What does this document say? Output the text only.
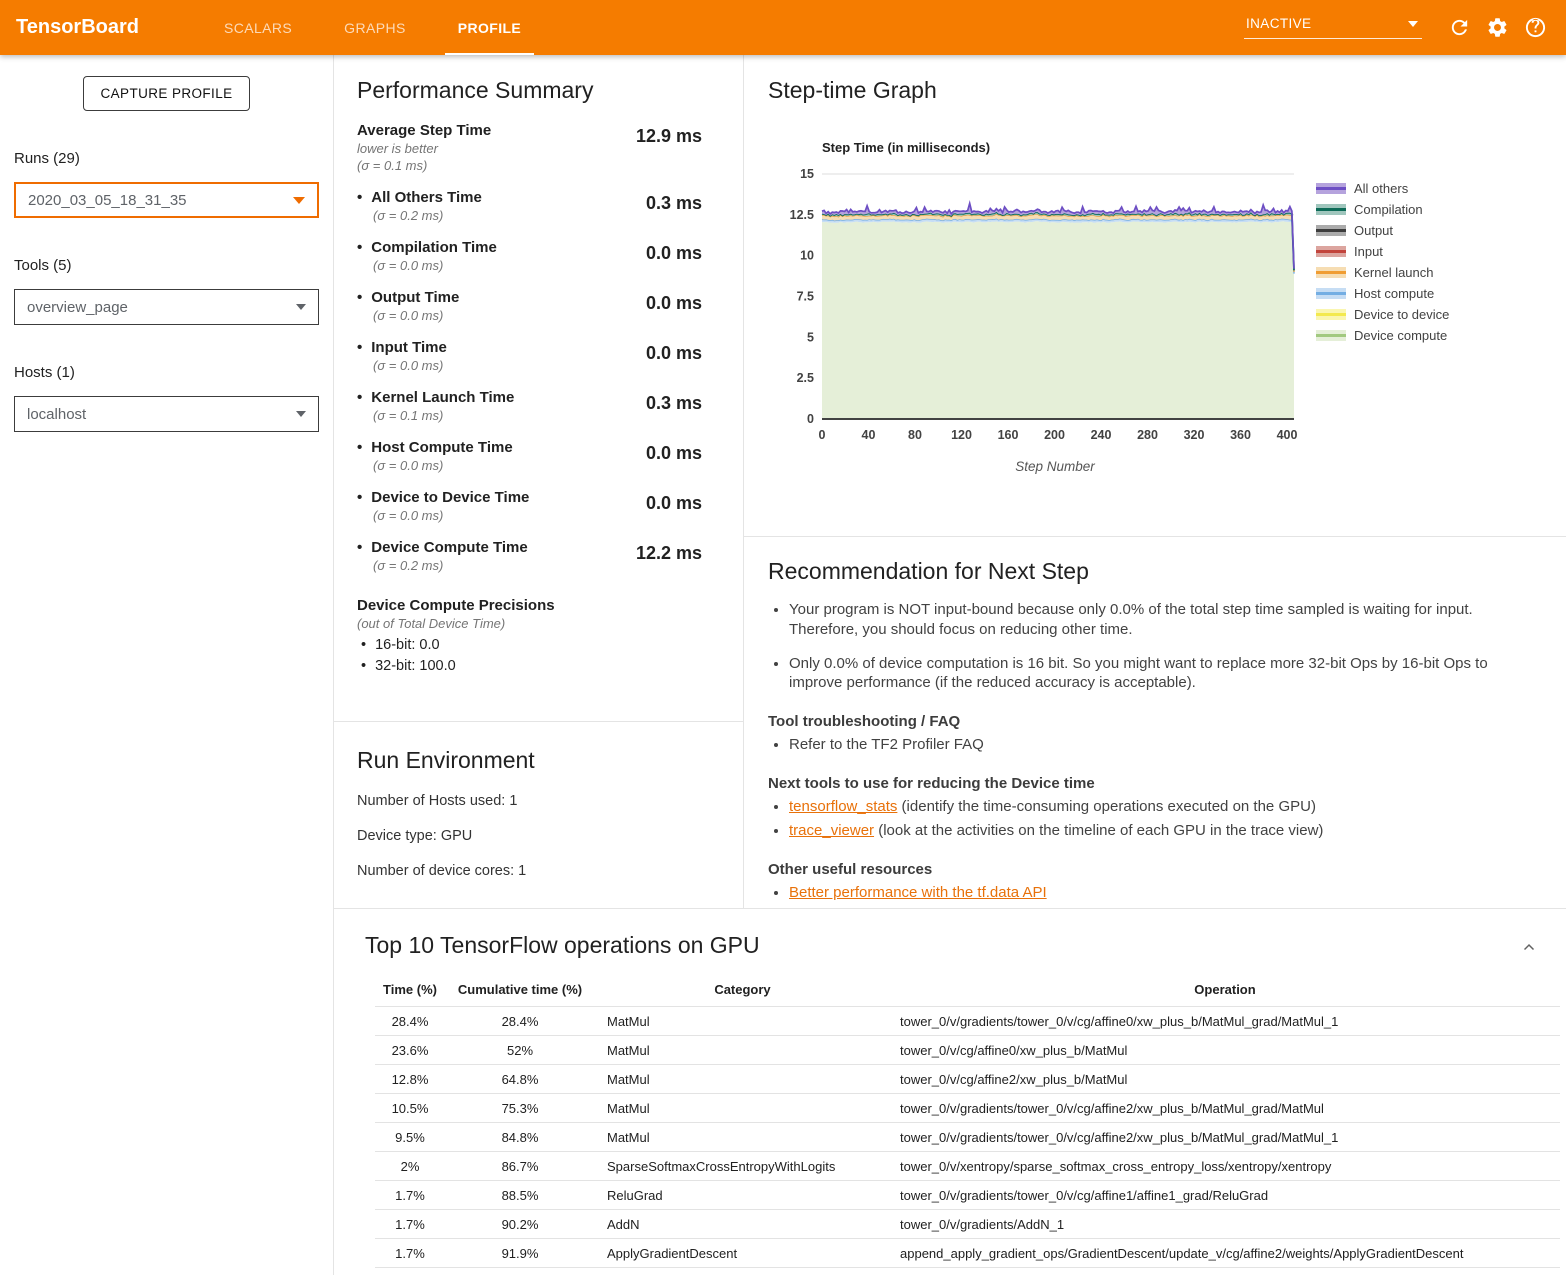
TensorBoard	SCALARS	GRAPHS	PROFILE	INACTIVE
CAPTURE PROFILE
Runs (29)
2020_03_05_18_31_35
Tools (5)
overview_page
Hosts (1)
localhost
Performance Summary
Average Step Time
lower is better
(σ = 0.1 ms)
12.9 ms
• All Others Time
(σ = 0.2 ms)
0.3 ms
• Compilation Time
(σ = 0.0 ms)
0.0 ms
• Output Time
(σ = 0.0 ms)
0.0 ms
• Input Time
(σ = 0.0 ms)
0.0 ms
• Kernel Launch Time
(σ = 0.1 ms)
0.3 ms
• Host Compute Time
(σ = 0.0 ms)
0.0 ms
• Device to Device Time
(σ = 0.0 ms)
0.0 ms
• Device Compute Time
(σ = 0.2 ms)
12.2 ms
Device Compute Precisions
(out of Total Device Time)
• 16-bit: 0.0
• 32-bit: 100.0
Run Environment
Number of Hosts used: 1
Device type: GPU
Number of device cores: 1
Step-time Graph
0
2.5
5
7.5
10
12.5
15
0	40	80 120 160 200 240 280 320 360 400
Step Time (in milliseconds)
Step Number
All others
Compilation
Output
Input
Kernel launch
Host compute
Device to device
Device compute
Recommendation for Next Step
• Your program is NOT input-bound because only 0.0% of the total step time sampled is waiting for input. Therefore, you should focus on reducing other time.
• Only 0.0% of device computation is 16 bit. So you might want to replace more 32-bit Ops by 16-bit Ops to improve performance (if the reduced accuracy is acceptable).
Tool troubleshooting / FAQ
• Refer to the TF2 Profiler FAQ
Next tools to use for reducing the Device time
• tensorflow_stats (identify the time-consuming operations executed on the GPU)
• trace_viewer (look at the activities on the timeline of each GPU in the trace view)
Other useful resources
• Better performance with the tf.data API
Top 10 TensorFlow operations on GPU
Time (%)	Cumulative time (%)	Category	Operation
28.4%	28.4%	MatMul	tower_0/v/gradients/tower_0/v/cg/affine0/xw_plus_b/MatMul_grad/MatMul_1
23.6%	52%	MatMul	tower_0/v/cg/affine0/xw_plus_b/MatMul
12.8%	64.8%	MatMul	tower_0/v/cg/affine2/xw_plus_b/MatMul
10.5%	75.3%	MatMul	tower_0/v/gradients/tower_0/v/cg/affine2/xw_plus_b/MatMul_grad/MatMul
9.5%	84.8%	MatMul	tower_0/v/gradients/tower_0/v/cg/affine2/xw_plus_b/MatMul_grad/MatMul_1
2%	86.7%	SparseSoftmaxCrossEntropyWithLogits	tower_0/v/xentropy/sparse_softmax_cross_entropy_loss/xentropy/xentropy
1.7%	88.5%	ReluGrad	tower_0/v/gradients/tower_0/v/cg/affine1/affine1_grad/ReluGrad
1.7%	90.2%	AddN	tower_0/v/gradients/AddN_1
1.7%	91.9%	ApplyGradientDescent	append_apply_gradient_ops/GradientDescent/update_v/cg/affine2/weights/ApplyGradientDescent
